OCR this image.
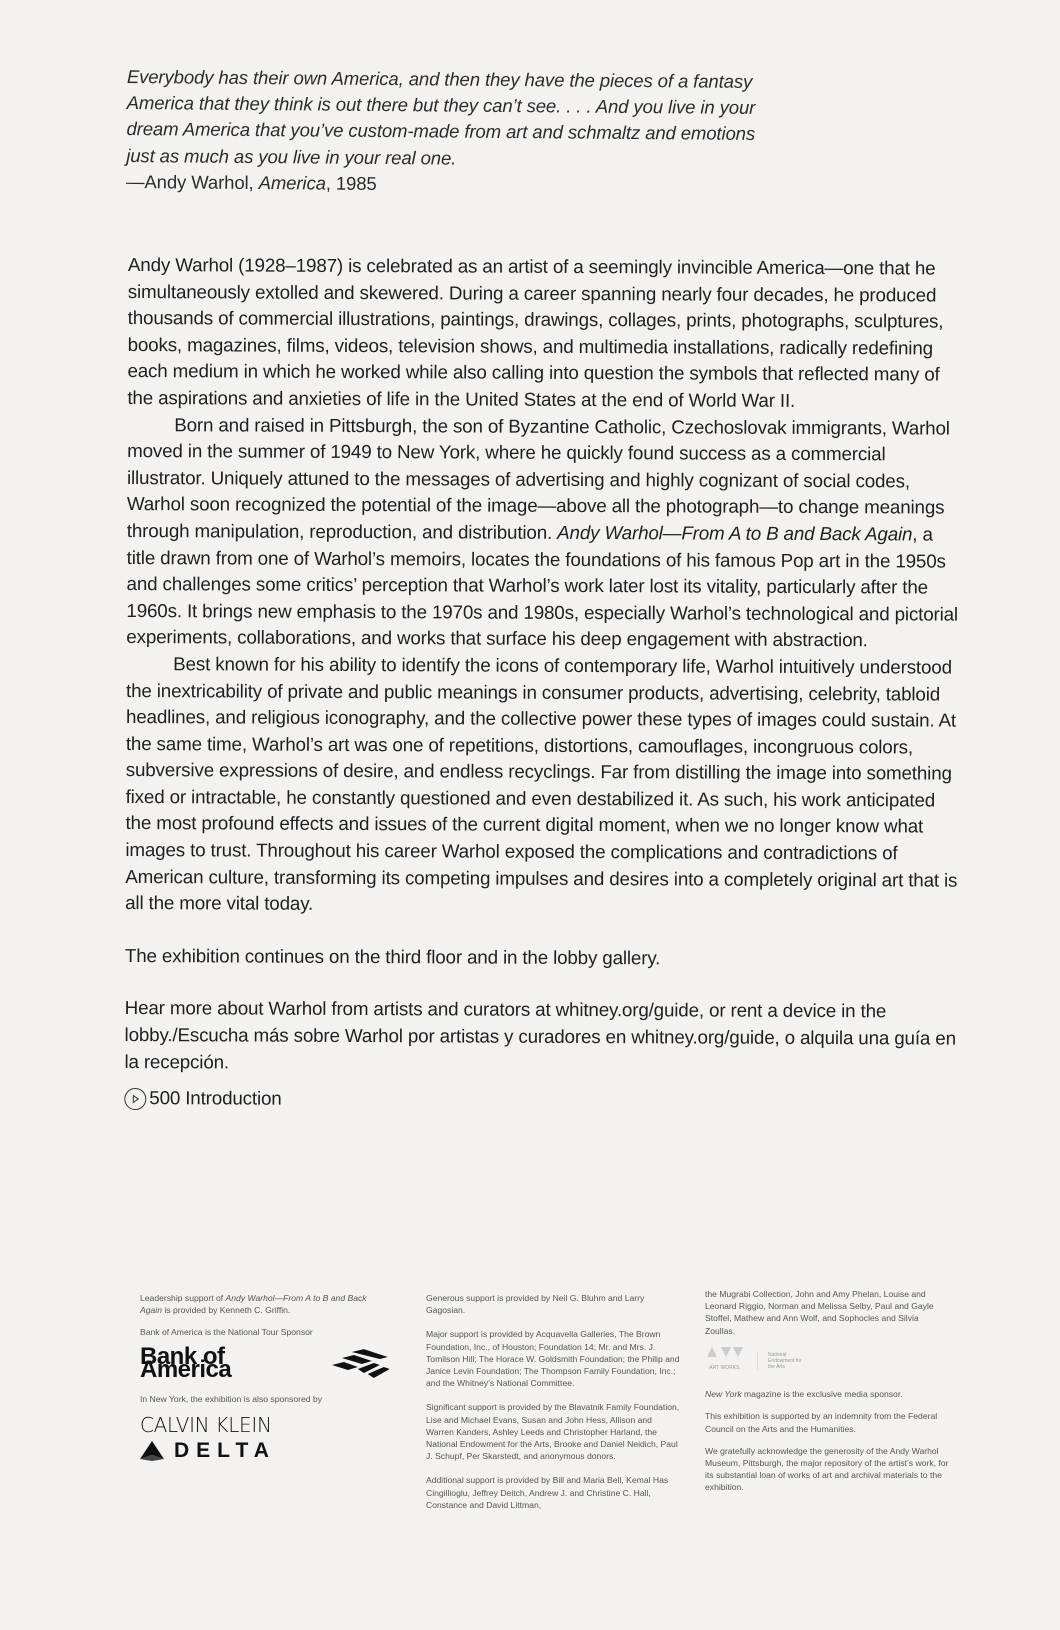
Everybody has their own America, and then they have the pieces of a fantasy
America that they think is out there but they can’t see. . . . And you live in your
dream America that you’ve custom-made from art and schmaltz and emotions
just as much as you live in your real one.
—Andy Warhol, America, 1985

Andy Warhol (1928–1987) is celebrated as an artist of a seemingly invincible America—one that he simultaneously extolled and skewered. During a career spanning nearly four decades, he produced thousands of commercial illustrations, paintings, drawings, collages, prints, photographs, sculptures, books, magazines, films, videos, television shows, and multimedia installations, radically redefining each medium in which he worked while also calling into question the symbols that reflected many of the aspirations and anxieties of life in the United States at the end of World War II.

Born and raised in Pittsburgh, the son of Byzantine Catholic, Czechoslovak immigrants, Warhol moved in the summer of 1949 to New York, where he quickly found success as a commercial illustrator. Uniquely attuned to the messages of advertising and highly cognizant of social codes, Warhol soon recognized the potential of the image—above all the photograph—to change meanings through manipulation, reproduction, and distribution. Andy Warhol—From A to B and Back Again, a title drawn from one of Warhol’s memoirs, locates the foundations of his famous Pop art in the 1950s and challenges some critics’ perception that Warhol’s work later lost its vitality, particularly after the 1960s. It brings new emphasis to the 1970s and 1980s, especially Warhol’s technological and pictorial experiments, collaborations, and works that surface his deep engagement with abstraction.

Best known for his ability to identify the icons of contemporary life, Warhol intuitively understood the inextricability of private and public meanings in consumer products, advertising, celebrity, tabloid headlines, and religious iconography, and the collective power these types of images could sustain. At the same time, Warhol’s art was one of repetitions, distortions, camouflages, incongruous colors, subversive expressions of desire, and endless recyclings. Far from distilling the image into something fixed or intractable, he constantly questioned and even destabilized it. As such, his work anticipated the most profound effects and issues of the current digital moment, when we no longer know what images to trust. Throughout his career Warhol exposed the complications and contradictions of American culture, transforming its competing impulses and desires into a completely original art that is all the more vital today.

The exhibition continues on the third floor and in the lobby gallery.

Hear more about Warhol from artists and curators at whitney.org/guide, or rent a device in the lobby./Escucha más sobre Warhol por artistas y curadores en whitney.org/guide, o alquila una guía en la recepción.

500 Introduction

Leadership support of Andy Warhol—From A to B and Back Again is provided by Kenneth C. Griffin.

Bank of America is the National Tour Sponsor

Bank of America

In New York, the exhibition is also sponsored by

CALVIN KLEIN
DELTA

Generous support is provided by Neil G. Bluhm and Larry Gagosian.

Major support is provided by Acquavella Galleries, The Brown Foundation, Inc., of Houston; Foundation 14; Mr. and Mrs. J. Tomilson Hill; The Horace W. Goldsmith Foundation; the Philip and Janice Levin Foundation; The Thompson Family Foundation, Inc.; and the Whitney’s National Committee.

Significant support is provided by the Blavatnik Family Foundation, Lise and Michael Evans, Susan and John Hess, Allison and Warren Kanders, Ashley Leeds and Christopher Harland, the National Endowment for the Arts, Brooke and Daniel Neidich, Paul J. Schupf, Per Skarstedt, and anonymous donors.

Additional support is provided by Bill and Maria Bell, Kemal Has Cingillioglu, Jeffrey Deitch, Andrew J. and Christine C. Hall, Constance and David Littman,

the Mugrabi Collection, John and Amy Phelan, Louise and Leonard Riggio, Norman and Melissa Selby, Paul and Gayle Stoffel, Mathew and Ann Wolf, and Sophocles and Silvia Zoullas.

ART WORKS.
National Endowment for the Arts

New York magazine is the exclusive media sponsor.

This exhibition is supported by an indemnity from the Federal Council on the Arts and the Humanities.

We gratefully acknowledge the generosity of the Andy Warhol Museum, Pittsburgh, the major repository of the artist’s work, for its substantial loan of works of art and archival materials to the exhibition.
